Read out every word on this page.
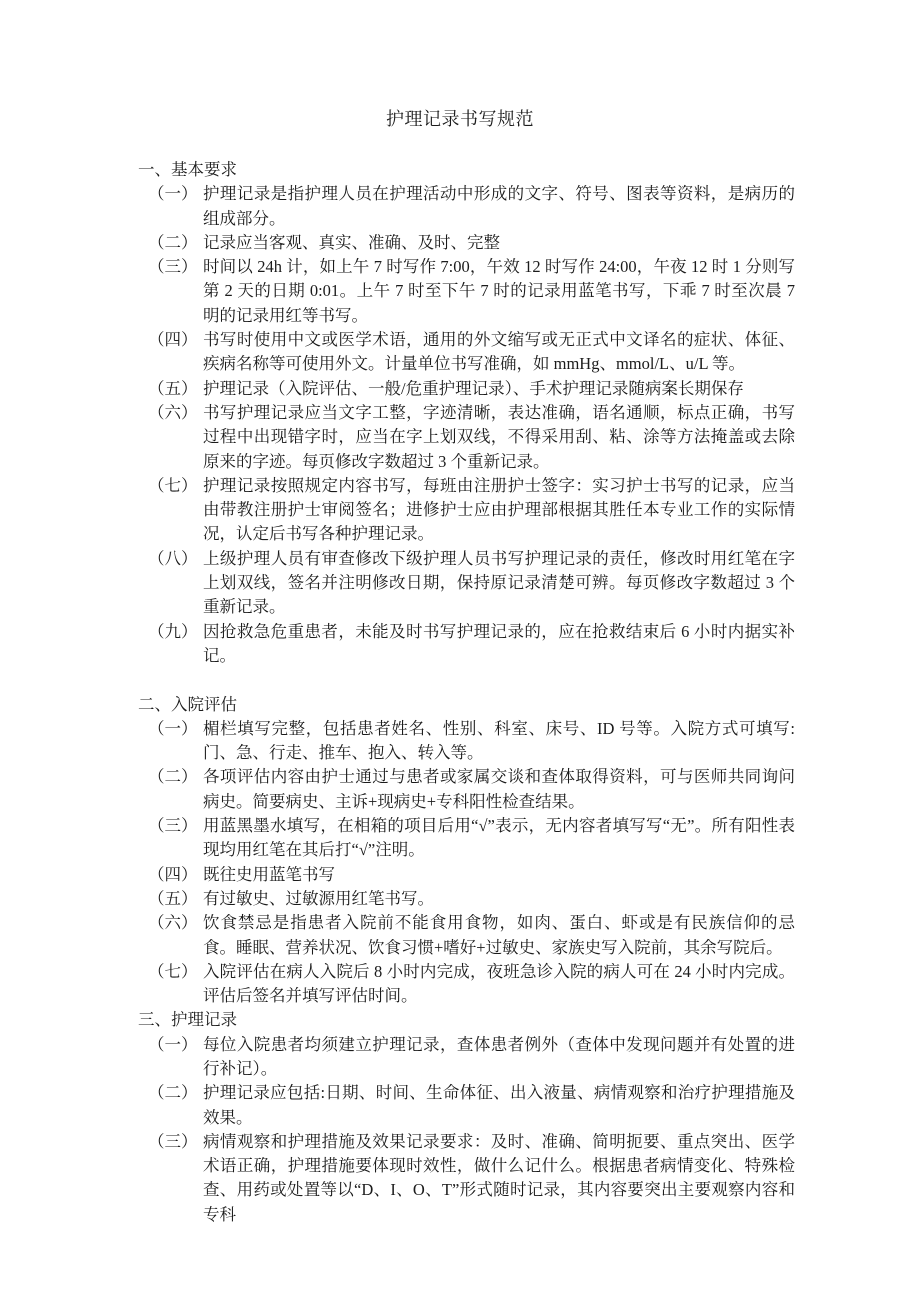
护理记录书写规范
一、基本要求
（一） 护理记录是指护理人员在护理活动中形成的文字、符号、图表等资料，是病历的组成部分。
（二） 记录应当客观、真实、准确、及时、完整
（三） 时间以 24h 计，如上午 7 时写作 7:00，午效 12 时写作 24:00，午夜 12 时 1 分则写第 2 天的日期 0:01。上午 7 时至下午 7 时的记录用蓝笔书写，下乖 7 时至次晨 7 明的记录用红等书写。
（四） 书写时使用中文或医学术语，通用的外文缩写或无正式中文译名的症状、体征、疾病名称等可使用外文。计量单位书写准确，如 mmHg、mmol/L、u/L 等。
（五） 护理记录（入院评估、一般/危重护理记录）、手术护理记录随病案长期保存
（六） 书写护理记录应当文字工整，字迹清晰，表达准确，语名通顺，标点正确，书写过程中出现错字时，应当在字上划双线，不得采用刮、粘、涂等方法掩盖或去除原来的字迹。每页修改字数超过 3 个重新记录。
（七） 护理记录按照规定内容书写，每班由注册护士签字：实习护士书写的记录，应当由带教注册护士审阅签名；进修护士应由护理部根据其胜任本专业工作的实际情况，认定后书写各种护理记录。
（八） 上级护理人员有审查修改下级护理人员书写护理记录的责任，修改时用红笔在字上划双线，签名并注明修改日期，保持原记录清楚可辨。每页修改字数超过 3 个重新记录。
（九） 因抢救急危重患者，未能及时书写护理记录的，应在抢救结束后 6 小时内据实补记。
二、入院评估
（一） 楣栏填写完整，包括患者姓名、性别、科室、床号、ID 号等。入院方式可填写:门、急、行走、推车、抱入、转入等。
（二） 各项评估内容由护士通过与患者或家属交谈和查体取得资料，可与医师共同询问病史。简要病史、主诉+现病史+专科阳性检查结果。
（三） 用蓝黑墨水填写，在相箱的项目后用“√”表示，无内容者填写写“无”。所有阳性表现均用红笔在其后打“√”注明。
（四） 既往史用蓝笔书写
（五） 有过敏史、过敏源用红笔书写。
（六） 饮食禁忌是指患者入院前不能食用食物，如肉、蛋白、虾或是有民族信仰的忌食。睡眠、营养状况、饮食习惯+嗜好+过敏史、家族史写入院前，其余写院后。
（七） 入院评估在病人入院后 8 小时内完成，夜班急诊入院的病人可在 24 小时内完成。评估后签名并填写评估时间。
三、护理记录
（一） 每位入院患者均须建立护理记录，查体患者例外（查体中发现问题并有处置的进行补记）。
（二） 护理记录应包括:日期、时间、生命体征、出入液量、病情观察和治疗护理措施及效果。
（三） 病情观察和护理措施及效果记录要求：及时、准确、简明扼要、重点突出、医学术语正确，护理措施要体现时效性，做什么记什么。根据患者病情变化、特殊检查、用药或处置等以“D、I、O、T”形式随时记录，其内容要突出主要观察内容和专科
